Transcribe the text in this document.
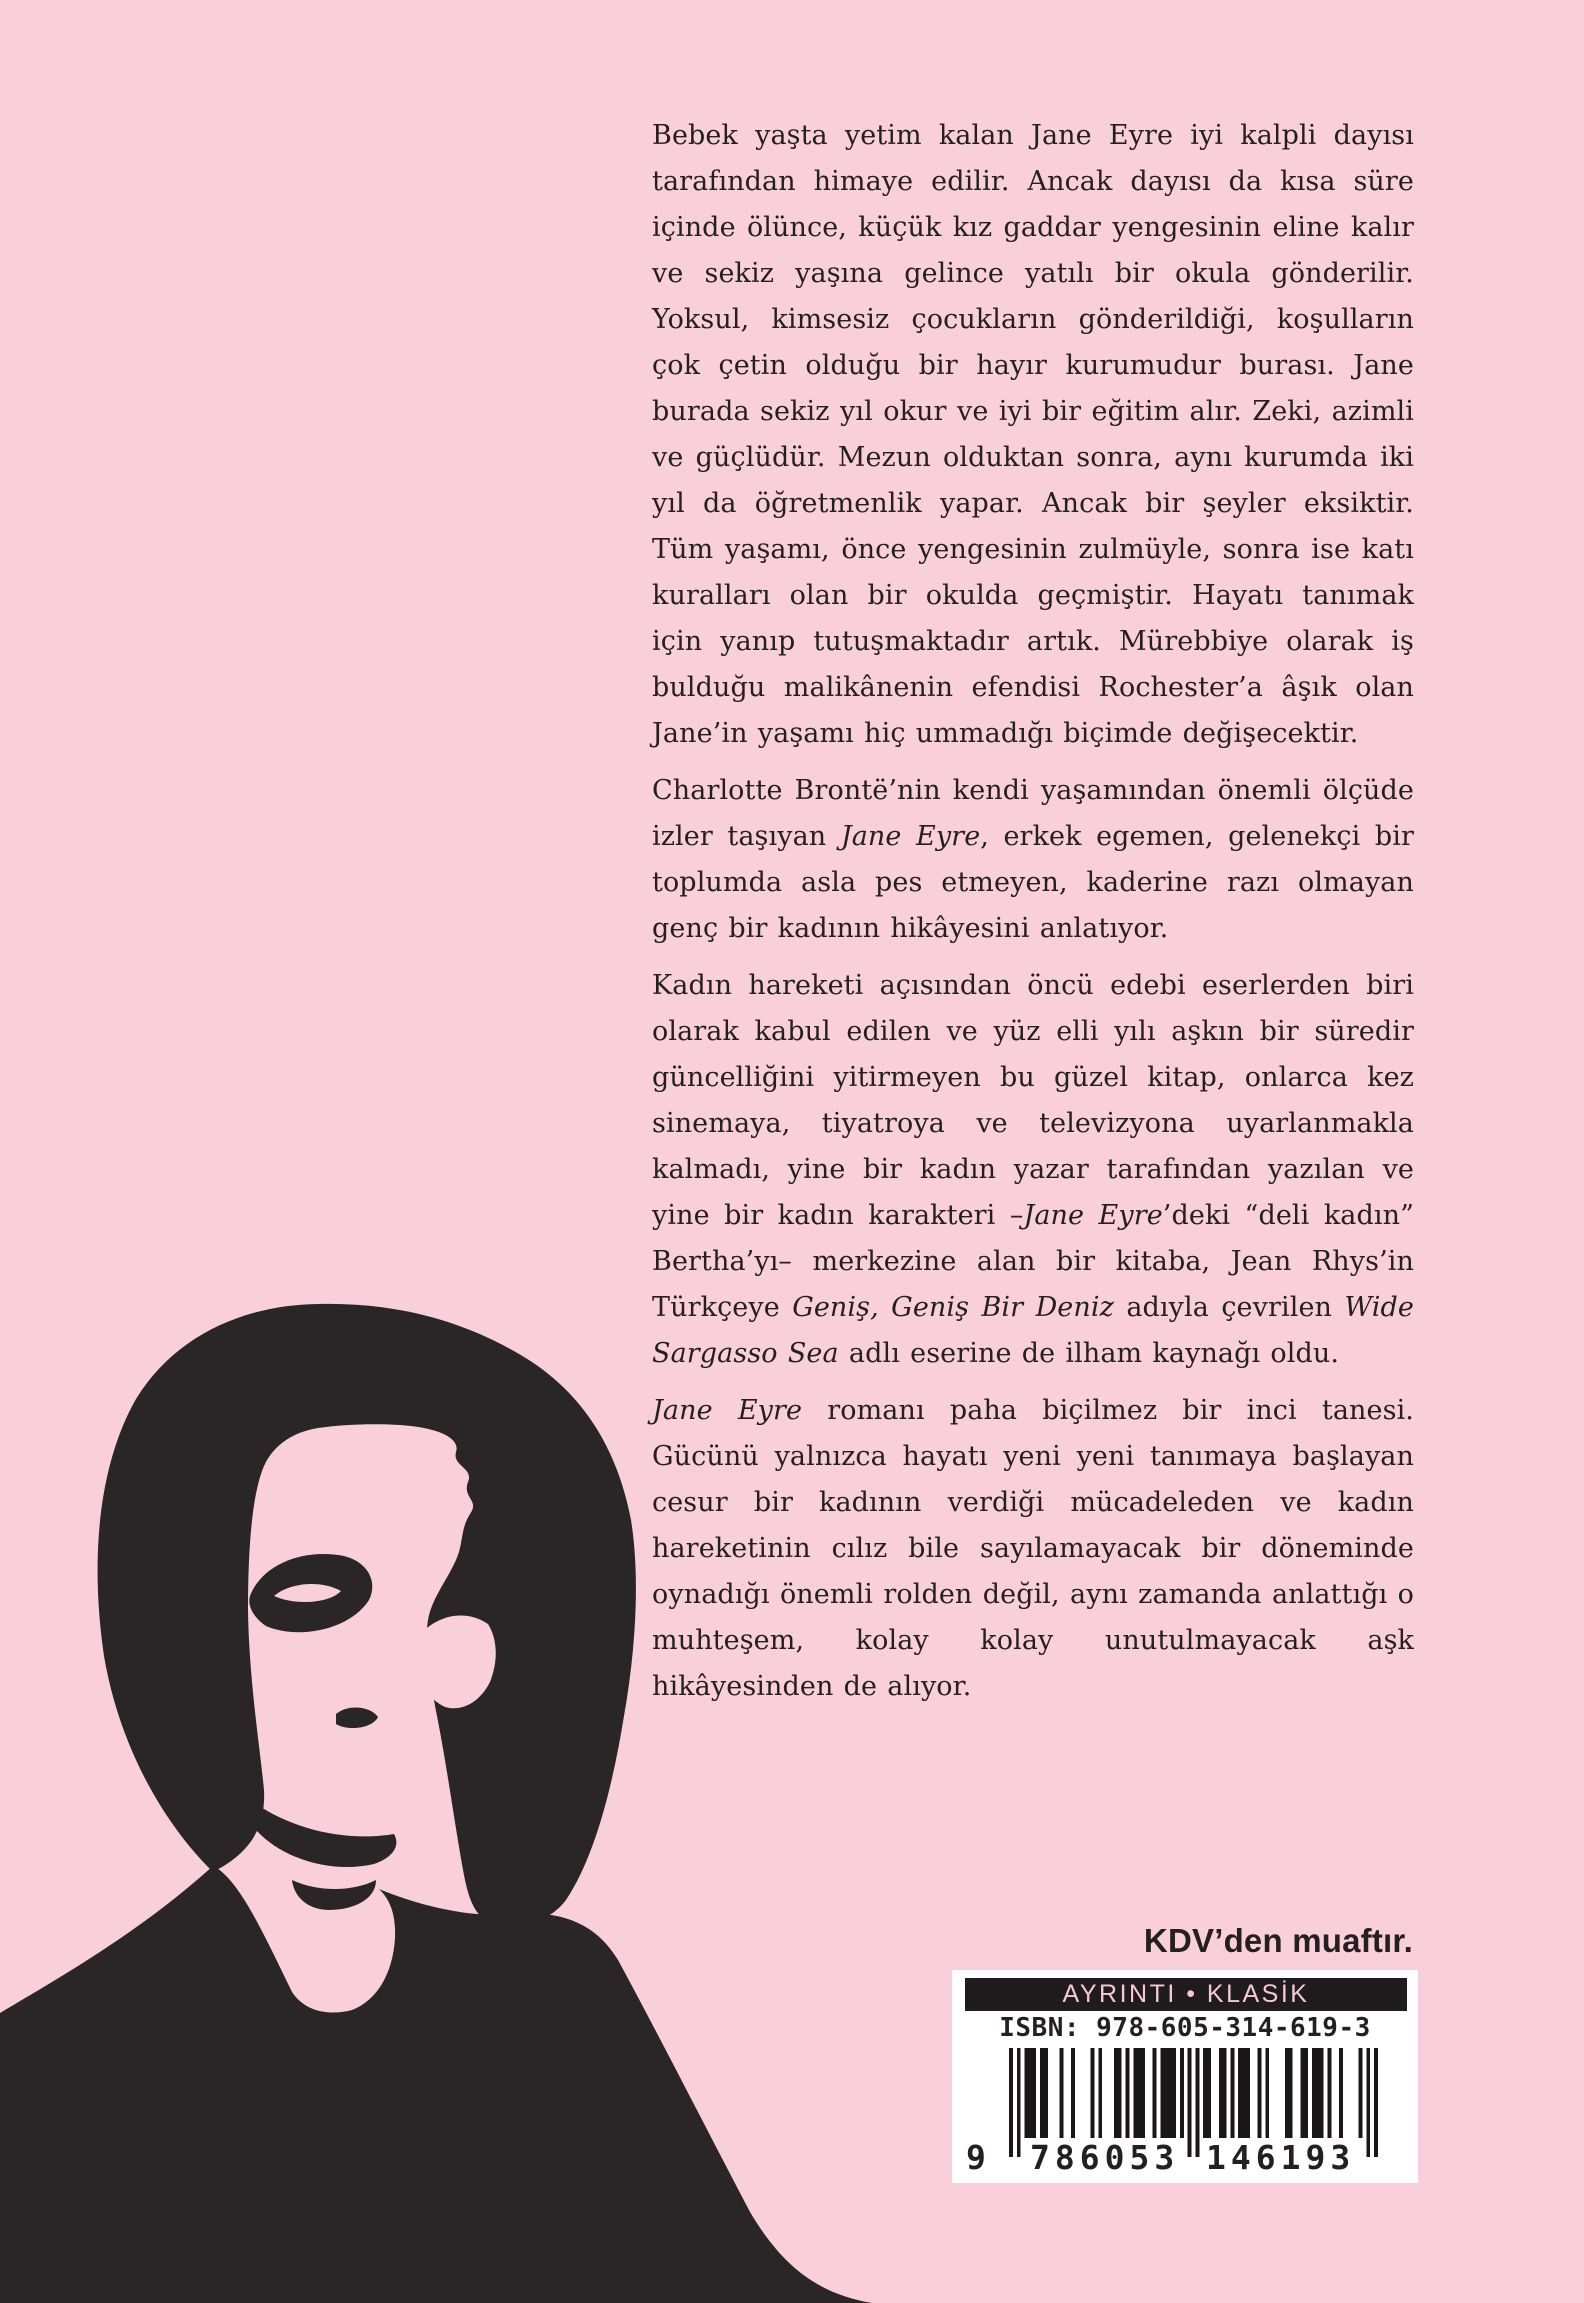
Bebek yaşta yetim kalan Jane Eyre iyi kalpli dayısı tarafından himaye edilir. Ancak dayısı da kısa süre içinde ölünce, küçük kız gaddar yengesinin eline kalır ve sekiz yaşına gelince yatılı bir okula gönderilir. Yoksul, kimsesiz çocukların gönderildiği, koşulların çok çetin olduğu bir hayır kurumudur burası. Jane burada sekiz yıl okur ve iyi bir eğitim alır. Zeki, azimli ve güçlüdür. Mezun olduktan sonra, aynı kurumda iki yıl da öğretmenlik yapar. Ancak bir şeyler eksiktir. Tüm yaşamı, önce yengesinin zulmüyle, sonra ise katı kuralları olan bir okulda geçmiştir. Hayatı tanımak için yanıp tutuşmaktadır artık. Mürebbiye olarak iş bulduğu malikânenin efendisi Rochester’a âşık olan Jane’in yaşamı hiç ummadığı biçimde değişecektir.

Charlotte Brontë’nin kendi yaşamından önemli ölçüde izler taşıyan Jane Eyre, erkek egemen, gelenekçi bir toplumda asla pes etmeyen, kaderine razı olmayan genç bir kadının hikâyesini anlatıyor.

Kadın hareketi açısından öncü edebi eserlerden biri olarak kabul edilen ve yüz elli yılı aşkın bir süredir güncelliğini yitirmeyen bu güzel kitap, onlarca kez sinemaya, tiyatroya ve televizyona uyarlanmakla kalmadı, yine bir kadın yazar tarafından yazılan ve yine bir kadın karakteri –Jane Eyre’deki “deli kadın” Bertha’yı– merkezine alan bir kitaba, Jean Rhys’in Türkçeye Geniş, Geniş Bir Deniz adıyla çevrilen Wide Sargasso Sea adlı eserine de ilham kaynağı oldu.

Jane Eyre romanı paha biçilmez bir inci tanesi. Gücünü yalnızca hayatı yeni yeni tanımaya başlayan cesur bir kadının verdiği mücadeleden ve kadın hareketinin cılız bile sayılamayacak bir döneminde oynadığı önemli rolden değil, aynı zamanda anlattığı o muhteşem, kolay kolay unutulmayacak aşk hikâyesinden de alıyor.

KDV’den muaftır.
AYRINTI • KLASİK
ISBN: 978-605-314-619-3
9 786053 146193
